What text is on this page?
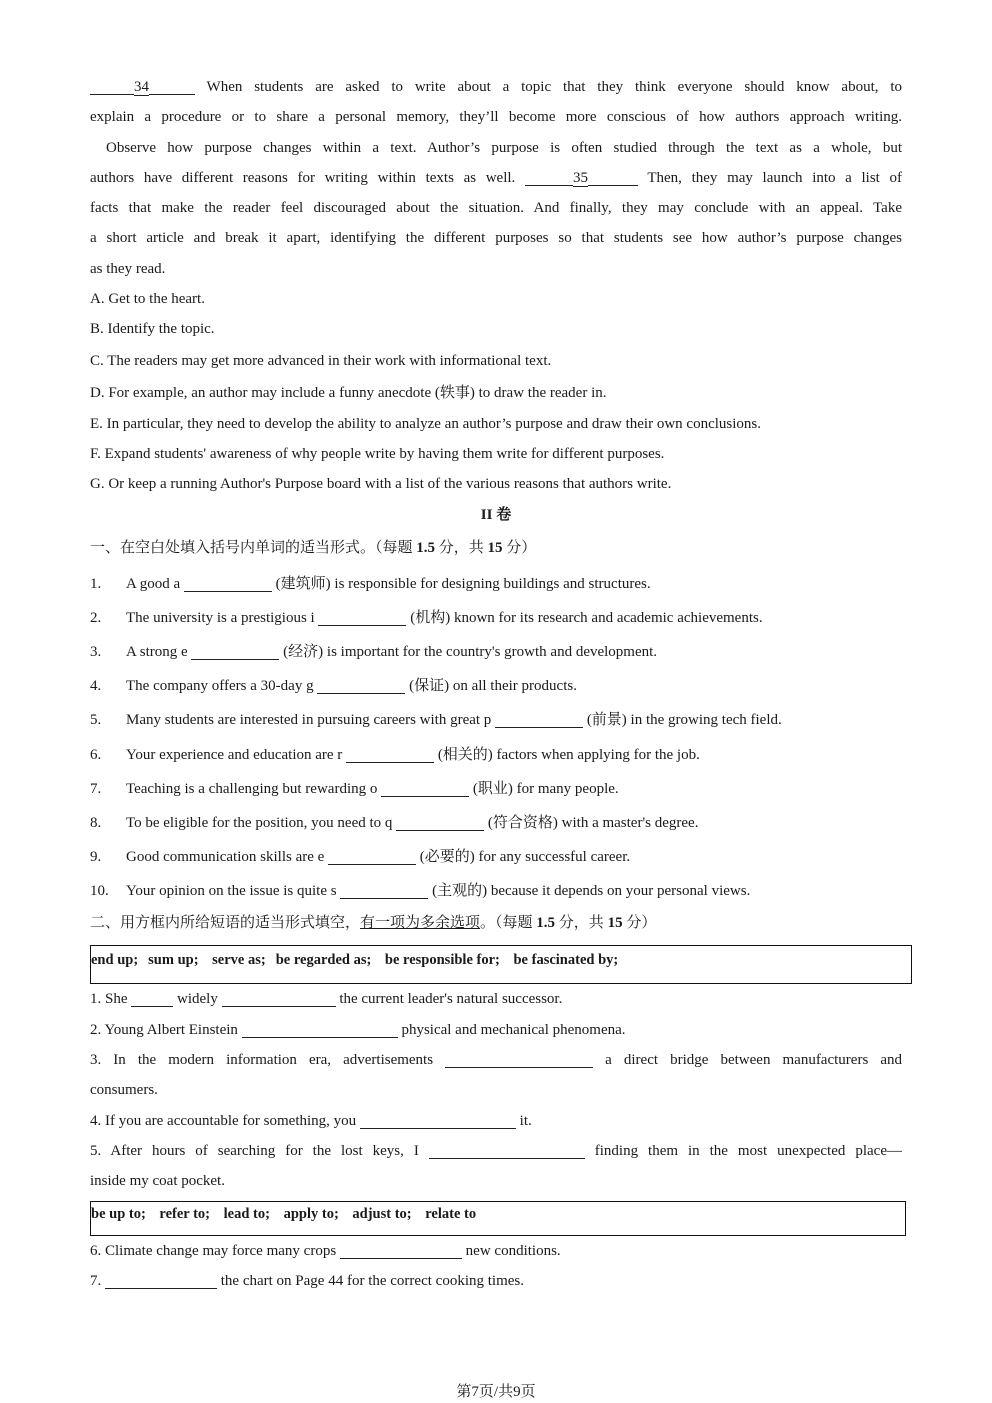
34	When students are asked to write about a topic that they think everyone should know about, to
explain a procedure or to share a personal memory, they’ll become more conscious of how authors approach writing.
Observe how purpose changes within a text. Author’s purpose is often studied through the text as a whole, but
authors have different reasons for writing within texts as well.	35	Then, they may launch into a list of
facts that make the reader feel discouraged about the situation. And finally, they may conclude with an appeal. Take
a short article and break it apart, identifying the different purposes so that students see how author’s purpose changes
as they read.
A. Get to the heart.
B. Identify the topic.
C. The readers may get more advanced in their work with informational text.
D. For example, an author may include a funny anecdote (轶事) to draw the reader in.
E. In particular, they need to develop the ability to analyze an author’s purpose and draw their own conclusions.
F. Expand students' awareness of why people write by having them write for different purposes.
G. Or keep a running Author's Purpose board with a list of the various reasons that authors write.
II 卷
一、在空白处填入括号内单词的适当形式。（每题 1.5 分，共 15 分）
1. A good a	(建筑师) is responsible for designing buildings and structures.
2. The university is a prestigious i	(机构) known for its research and academic achievements.
3. A strong e	(经济) is important for the country's growth and development.
4. The company offers a 30-day g	(保证) on all their products.
5. Many students are interested in pursuing careers with great p	(前景) in the growing tech field.
6. Your experience and education are r	(相关的) factors when applying for the job.
7. Teaching is a challenging but rewarding o	(职业) for many people.
8. To be eligible for the position, you need to q	(符合资格) with a master's degree.
9. Good communication skills are e	(必要的) for any successful career.
10. Your opinion on the issue is quite s	(主观的) because it depends on your personal views.
二、用方框内所给短语的适当形式填空，有一项为多余选项。（每题 1.5 分，共 15 分）
end up; sum up; serve as; be regarded as; be responsible for; be fascinated by;
1. She	widely	the current leader's natural successor.
2. Young Albert Einstein	physical and mechanical phenomena.
3. In the modern information era, advertisements	a direct bridge between manufacturers and
consumers.
4. If you are accountable for something, you	it.
5. After hours of searching for the lost keys, I	finding them in the most unexpected place—
inside my coat pocket.
be up to; refer to; lead to; apply to; adjust to; relate to
6. Climate change may force many crops	new conditions.
7.	the chart on Page 44 for the correct cooking times.
第7页/共9页
